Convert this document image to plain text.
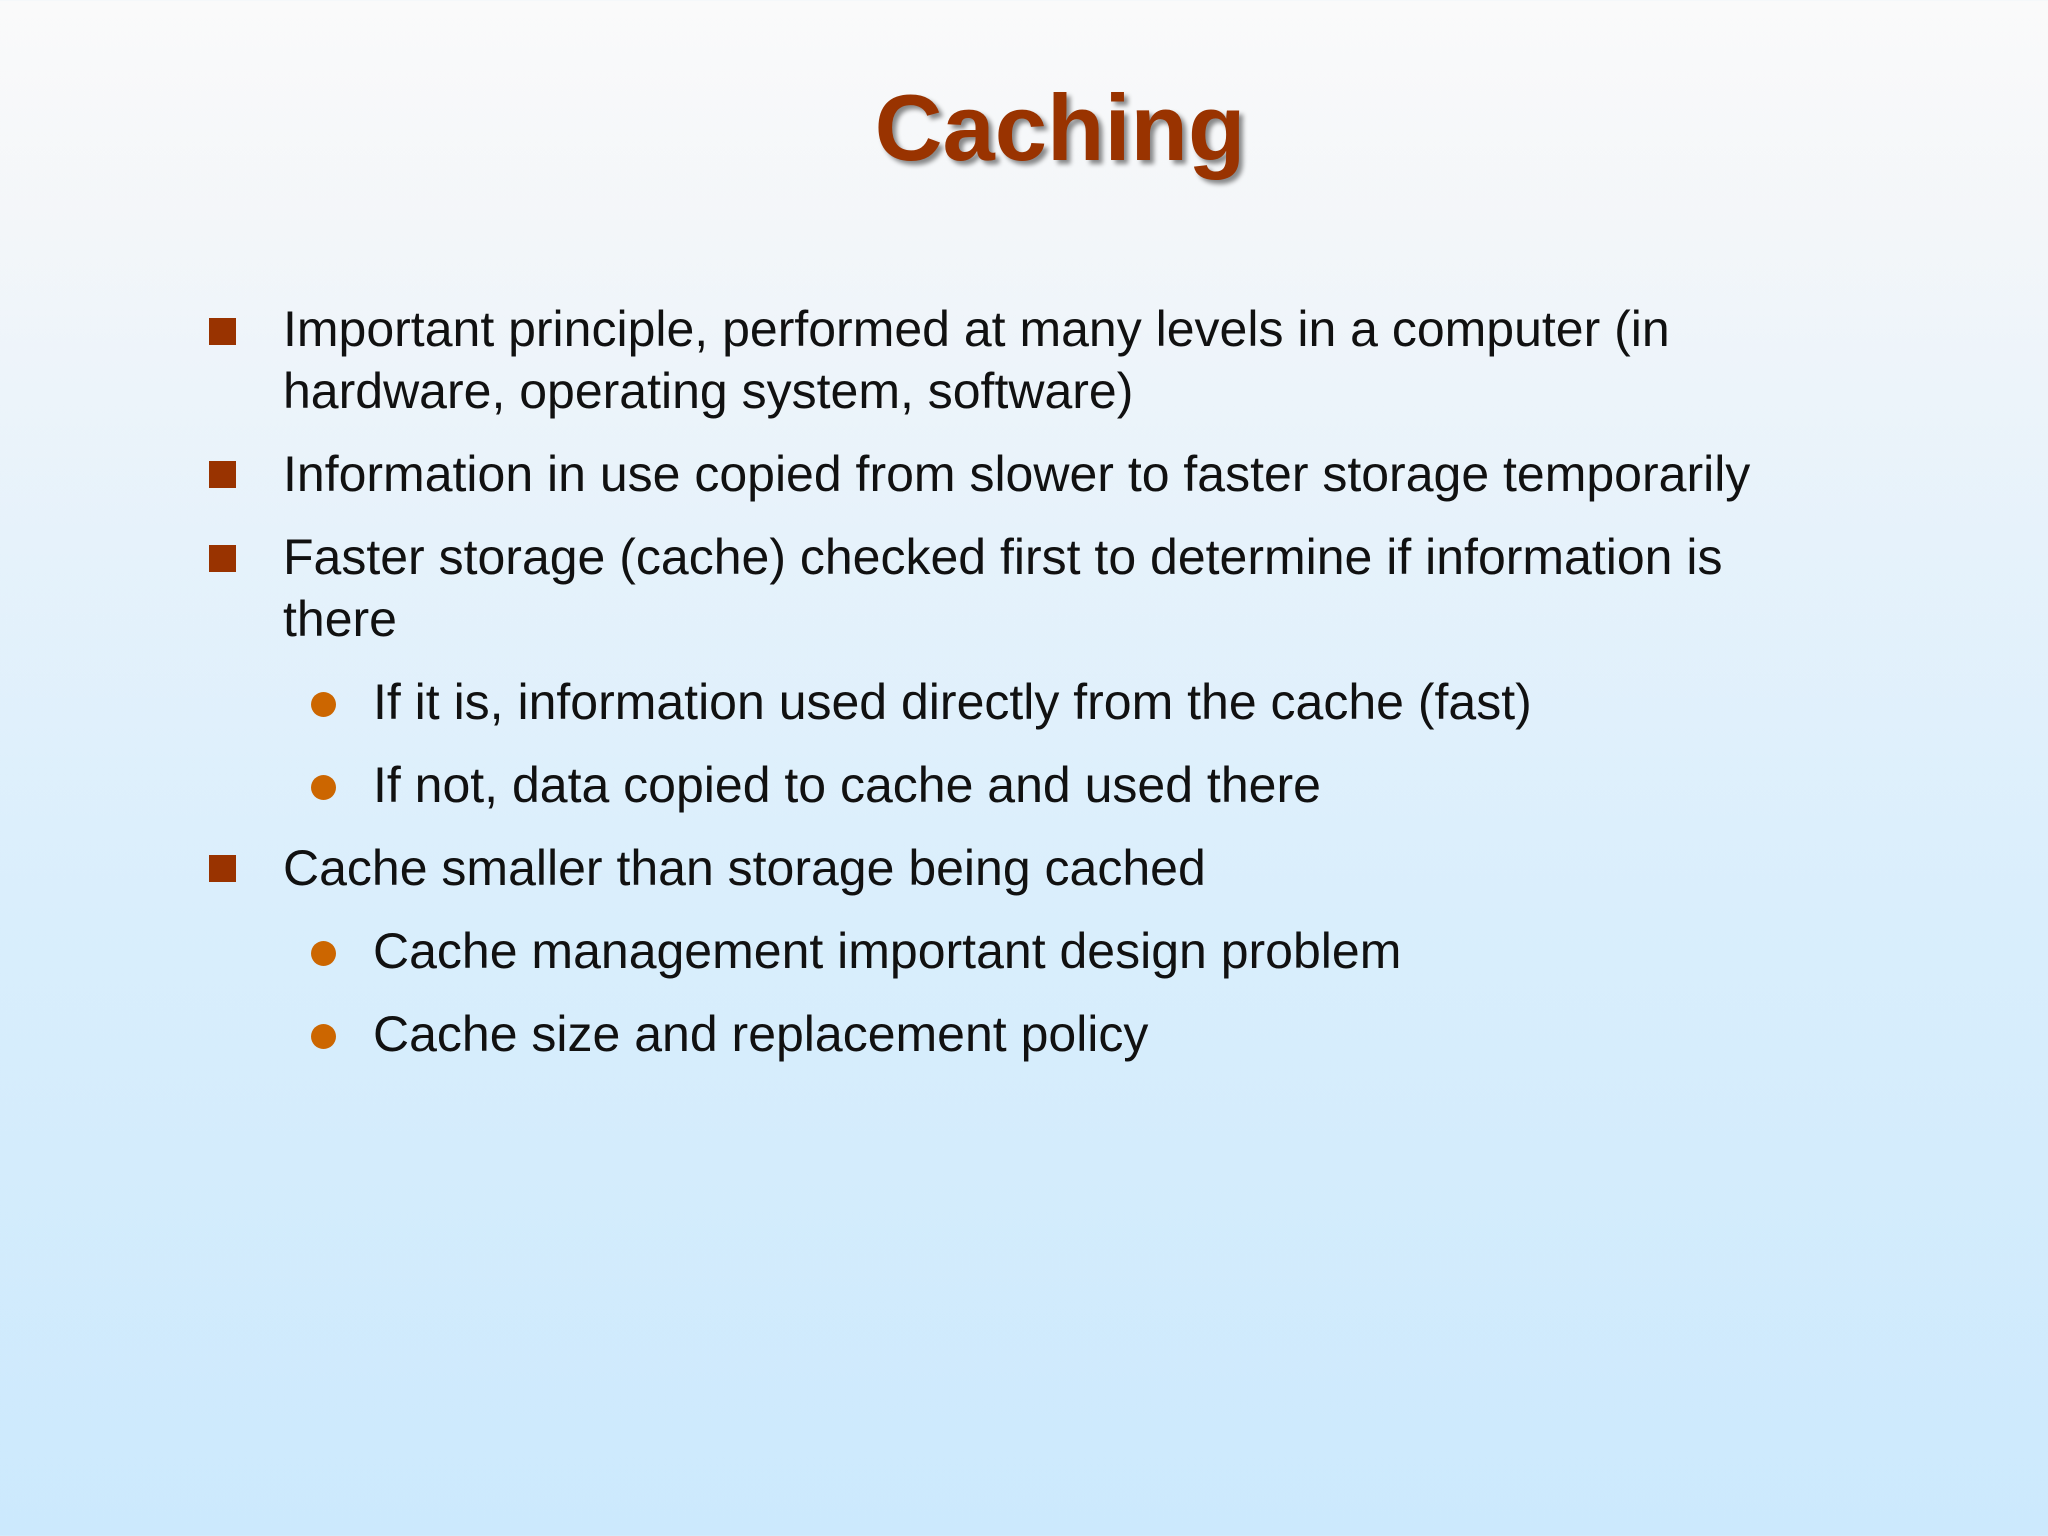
Caching
Important principle, performed at many levels in a computer (in hardware, operating system, software)
Information in use copied from slower to faster storage temporarily
Faster storage (cache) checked first to determine if information is there
If it is, information used directly from the cache (fast)
If not, data copied to cache and used there
Cache smaller than storage being cached
Cache management important design problem
Cache size and replacement policy
